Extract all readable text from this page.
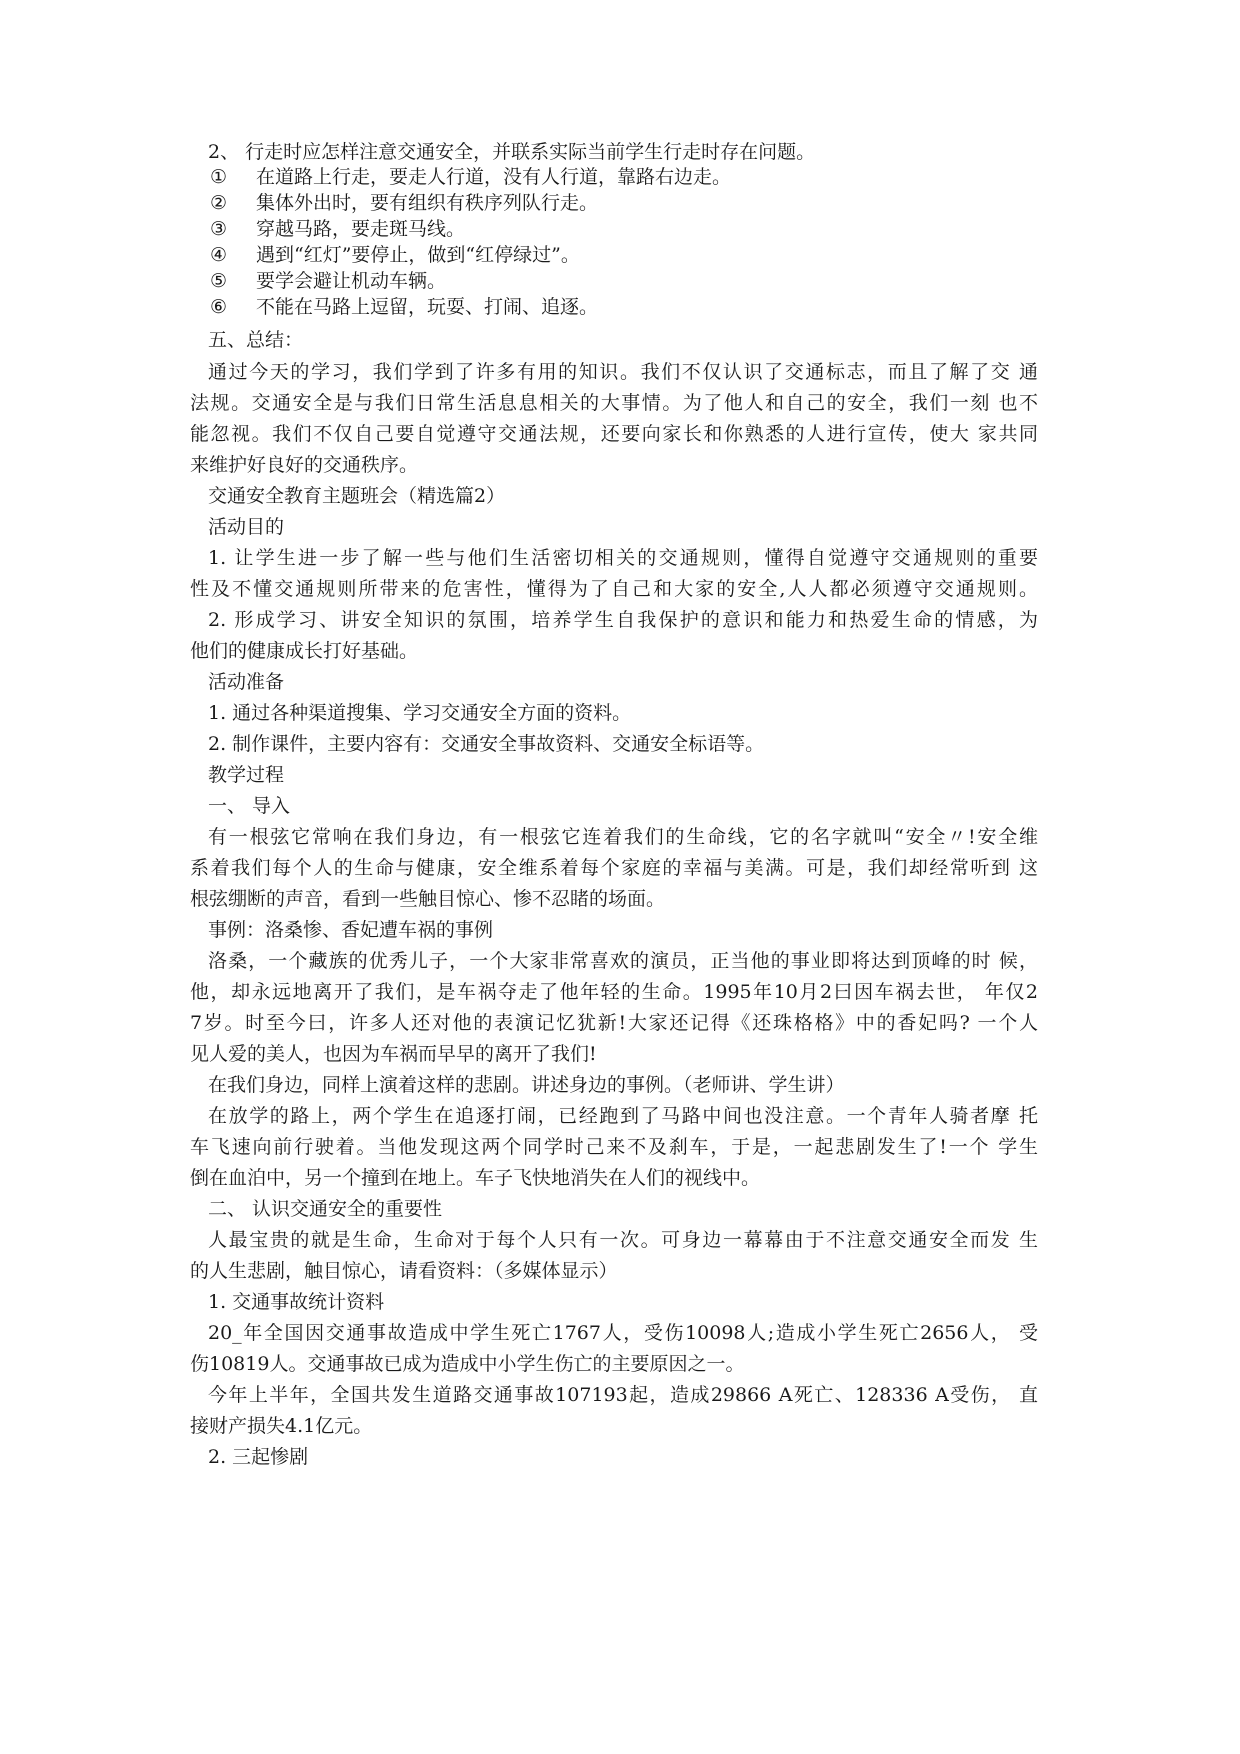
2、 行走时应怎样注意交通安全，并联系实际当前学生行走时存在问题。
① 在道路上行走，要走人行道，没有人行道，靠路右边走。
② 集体外出时，要有组织有秩序列队行走。
③ 穿越马路，要走斑马线。
④ 遇到“红灯”要停止，做到“红停绿过”。
⑤ 要学会避让机动车辆。
⑥ 不能在马路上逗留，玩耍、打闹、追逐。
五、总结：
通过今天的学习，我们学到了许多有用的知识。我们不仅认识了交通标志，而且了解了交 通
法规。交通安全是与我们日常生活息息相关的大事情。为了他人和自己的安全，我们一刻 也不
能忽视。我们不仅自己要自觉遵守交通法规，还要向家长和你熟悉的人进行宣传，使大 家共同
来维护好良好的交通秩序。
交通安全教育主题班会（精选篇2）
活动目的
1. 让学生进一步了解一些与他们生活密切相关的交通规则，懂得自觉遵守交通规则的重要
性及不懂交通规则所带来的危害性，懂得为了自己和大家的安全,人人都必须遵守交通规则。
2. 形成学习、讲安全知识的氛围，培养学生自我保护的意识和能力和热爱生命的情感，为
他们的健康成长打好基础。
活动准备
1. 通过各种渠道搜集、学习交通安全方面的资料。
2. 制作课件，主要内容有：交通安全事故资料、交通安全标语等。
教学过程
一、 导入
有一根弦它常响在我们身边，有一根弦它连着我们的生命线，它的名字就叫“安全〃!安全维
系着我们每个人的生命与健康，安全维系着每个家庭的幸福与美满。可是，我们却经常听到 这
根弦绷断的声音，看到一些触目惊心、惨不忍睹的场面。
事例：洛桑惨、香妃遭车祸的事例
洛桑，一个藏族的优秀儿子，一个大家非常喜欢的演员，正当他的事业即将达到顶峰的时 候，
他，却永远地离开了我们，是车祸夺走了他年轻的生命。1995年10月2曰因车祸去世， 年仅2
7岁。时至今曰，许多人还对他的表演记忆犹新!大家还记得《还珠格格》中的香妃吗? 一个人
见人爱的美人，也因为车祸而早早的离开了我们!
在我们身边，同样上演着这样的悲剧。讲述身边的事例。（老师讲、学生讲）
在放学的路上，两个学生在追逐打闹，已经跑到了马路中间也没注意。一个青年人骑者摩 托
车飞速向前行驶着。当他发现这两个同学时己来不及刹车，于是，一起悲剧发生了!一个 学生
倒在血泊中，另一个撞到在地上。车子飞快地消失在人们的视线中。
二、 认识交通安全的重要性
人最宝贵的就是生命，生命对于每个人只有一次。可身边一幕幕由于不注意交通安全而发 生
的人生悲剧，触目惊心，请看资料：（多媒体显示）
1. 交通事故统计资料
20_年全国因交通事故造成中学生死亡1767人，受伤10098人;造成小学生死亡2656人， 受
伤10819人。交通事故已成为造成中小学生伤亡的主要原因之一。
今年上半年，全国共发生道路交通事故107193起，造成29866 A死亡、128336 A受伤， 直
接财产损失4.1亿元。
2. 三起惨剧
